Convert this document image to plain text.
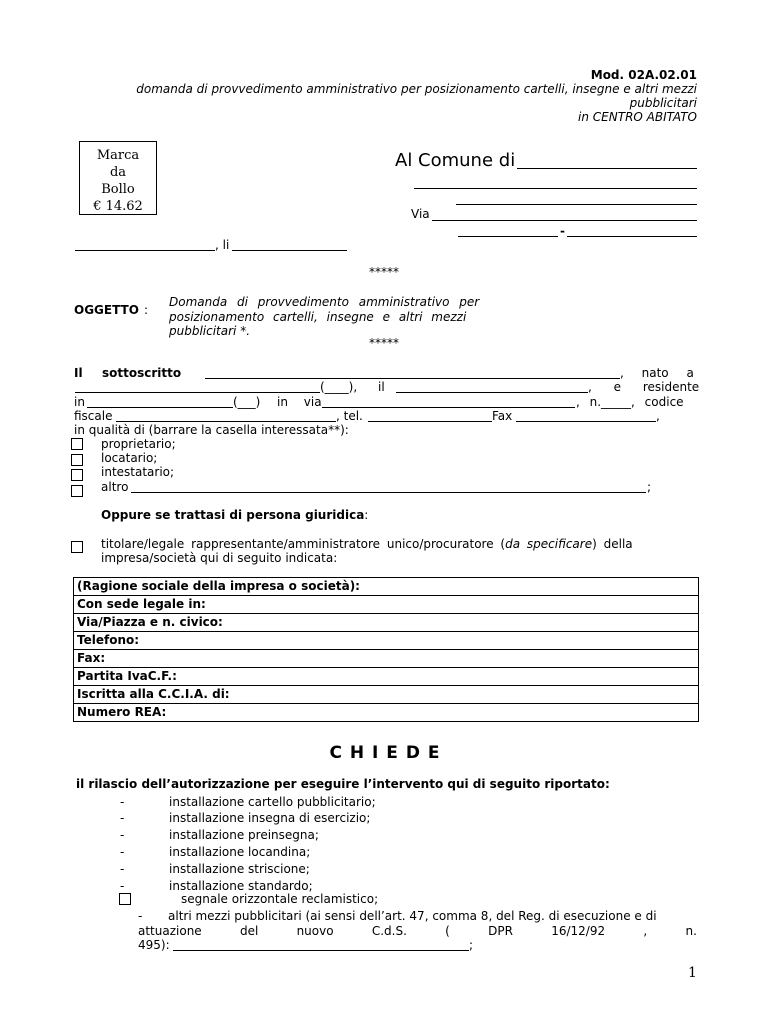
Mod. 02A.02.01
domanda di provvedimento amministrativo per posizionamento cartelli, insegne e altri mezzi
pubblicitari
in CENTRO ABITATO
Marca
da
Bollo
€ 14.62
Al Comune di
Via
-
, li
*****
OGGETTO :
Domanda di provvedimento amministrativo per
posizionamento cartelli, insegne e altri mezzi
pubblicitari *.
*****
Il sottoscritto	, nato a
(____), il	, e residente
in	(___) in via	, n._____, codice
fiscale	, tel.	Fax	,
in qualità di (barrare la casella interessata**):
proprietario;
locatario;
intestatario;
altro	;
Oppure se trattasi di persona giuridica:
titolare/legale rappresentante/amministratore unico/procuratore (da specificare) della
impresa/società qui di seguito indicata:
(Ragione sociale della impresa o società):
Con sede legale in:
Via/Piazza e n. civico:
Telefono:
Fax:
Partita IvaC.F.:
Iscritta alla C.C.I.A. di:
Numero REA:
C H I E D E
il rilascio dell’autorizzazione per eseguire l’intervento qui di seguito riportato:
-	installazione cartello pubblicitario;
-	installazione insegna di esercizio;
-	installazione preinsegna;
-	installazione locandina;
-	installazione striscione;
-	installazione standardo;
segnale orizzontale reclamistico;
- altri mezzi pubblicitari (ai sensi dell’art. 47, comma 8, del Reg. di esecuzione e di
attuazione	del	nuovo	C.d.S.	(	DPR	16/12/92	,	n.
495):	;
1
